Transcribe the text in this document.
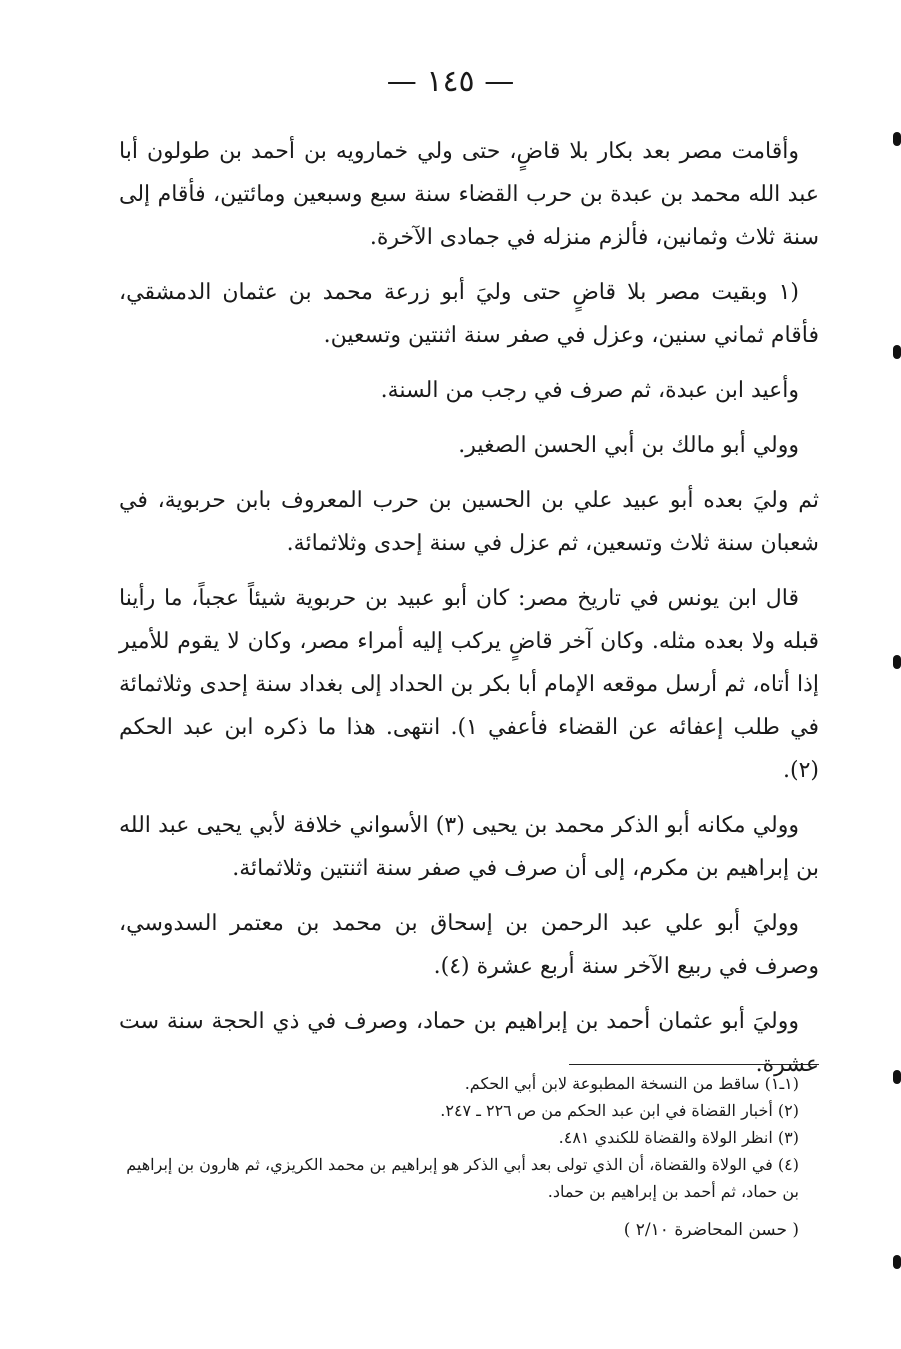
— ١٤٥ —

وأقامت مصر بعد بكار بلا قاضٍ، حتى ولي خمارويه بن أحمد بن طولون أبا عبد الله محمد بن عبدة بن حرب القضاء سنة سبع وسبعين ومائتين، فأقام إلى سنة ثلاث وثمانين، فألزم منزله في جمادى الآخرة.

(١ وبقيت مصر بلا قاضٍ حتى وليَ أبو زرعة محمد بن عثمان الدمشقي، فأقام ثماني سنين، وعزل في صفر سنة اثنتين وتسعين.

وأعيد ابن عبدة، ثم صرف في رجب من السنة.

وولي أبو مالك بن أبي الحسن الصغير.

ثم وليَ بعده أبو عبيد علي بن الحسين بن حرب المعروف بابن حربوية، في شعبان سنة ثلاث وتسعين، ثم عزل في سنة إحدى وثلاثمائة.

قال ابن يونس في تاريخ مصر: كان أبو عبيد بن حربوية شيئاً عجباً، ما رأينا قبله ولا بعده مثله. وكان آخر قاضٍ يركب إليه أمراء مصر، وكان لا يقوم للأمير إذا أتاه، ثم أرسل موقعه الإمام أبا بكر بن الحداد إلى بغداد سنة إحدى وثلاثمائة في طلب إعفائه عن القضاء فأعفي ١). انتهى. هذا ما ذكره ابن عبد الحكم (٢).

وولي مكانه أبو الذكر محمد بن يحيى (٣) الأسواني خلافة لأبي يحيى عبد الله بن إبراهيم بن مكرم، إلى أن صرف في صفر سنة اثنتين وثلاثمائة.

ووليَ أبو علي عبد الرحمن بن إسحاق بن محمد بن معتمر السدوسي، وصرف في ربيع الآخر سنة أربع عشرة (٤).

ووليَ أبو عثمان أحمد بن إبراهيم بن حماد، وصرف في ذي الحجة سنة ست عشرة.

(١ـ١) ساقط من النسخة المطبوعة لابن أبي الحكم.

(٢) أخبار القضاة في ابن عبد الحكم من ص ٢٢٦ ـ ٢٤٧.

(٣) انظر الولاة والقضاة للكندي ٤٨١.

(٤) في الولاة والقضاة، أن الذي تولى بعد أبي الذكر هو إبراهيم بن محمد الكريزي، ثم هارون بن إبراهيم بن حماد، ثم أحمد بن إبراهيم بن حماد.

( حسن المحاضرة ٢/١٠ )
